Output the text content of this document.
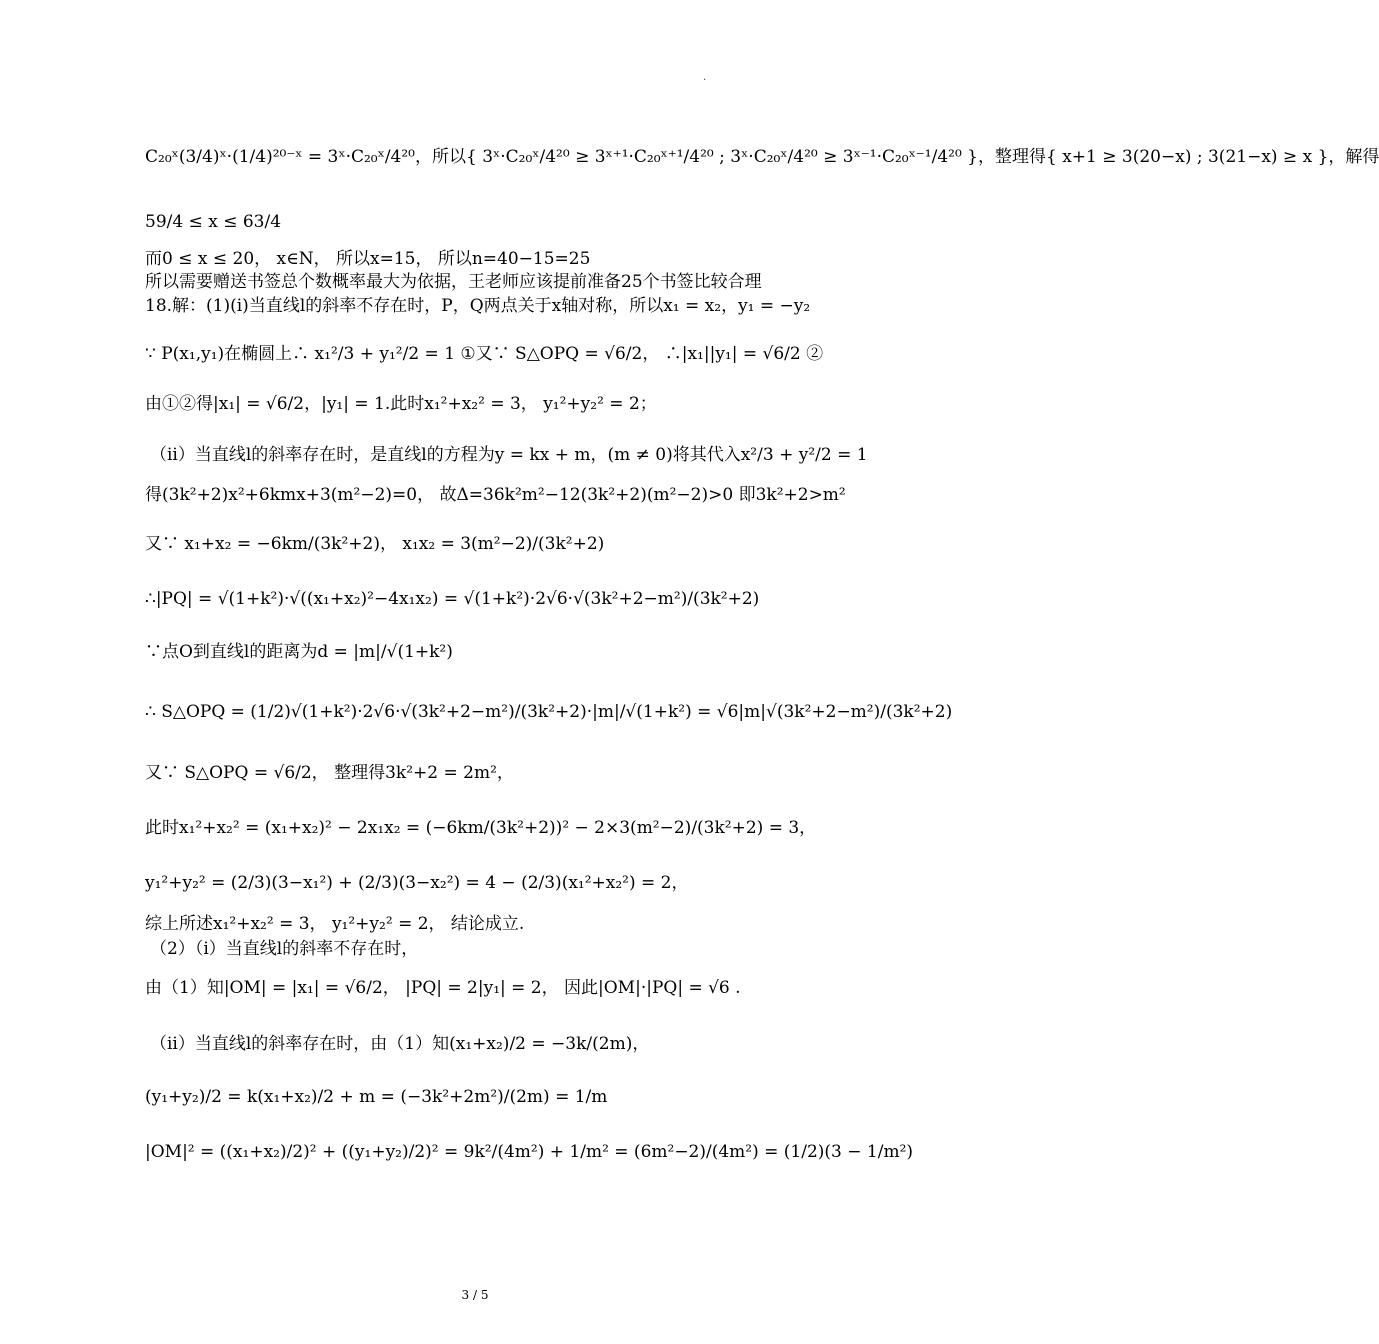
.
C₂₀ˣ(3/4)ˣ·(1/4)²⁰⁻ˣ = 3ˣ·C₂₀ˣ/4²⁰，所以{ 3ˣ·C₂₀ˣ/4²⁰ ≥ 3ˣ⁺¹·C₂₀ˣ⁺¹/4²⁰ ; 3ˣ·C₂₀ˣ/4²⁰ ≥ 3ˣ⁻¹·C₂₀ˣ⁻¹/4²⁰ }，整理得{ x+1 ≥ 3(20−x) ; 3(21−x) ≥ x }，解得
59/4 ≤ x ≤ 63/4
而0 ≤ x ≤ 20， x∈N， 所以x=15， 所以n=40−15=25
所以需要赠送书签总个数概率最大为依据，王老师应该提前准备25个书签比较合理
18.解：(1)(i)当直线l的斜率不存在时，P，Q两点关于x轴对称，所以x₁ = x₂，y₁ = −y₂
∵ P(x₁,y₁)在椭圆上∴ x₁²/3 + y₁²/2 = 1 ①又∵ S△OPQ = √6/2， ∴|x₁||y₁| = √6/2 ②
由①②得|x₁| = √6/2，|y₁| = 1.此时x₁²+x₂² = 3， y₁²+y₂² = 2；
（ii）当直线l的斜率存在时，是直线l的方程为y = kx + m，(m ≠ 0)将其代入x²/3 + y²/2 = 1
得(3k²+2)x²+6kmx+3(m²−2)=0， 故Δ=36k²m²−12(3k²+2)(m²−2)>0 即3k²+2>m²
又∵ x₁+x₂ = −6km/(3k²+2)， x₁x₂ = 3(m²−2)/(3k²+2)
∴|PQ| = √(1+k²)·√((x₁+x₂)²−4x₁x₂) = √(1+k²)·2√6·√(3k²+2−m²)/(3k²+2)
∵点O到直线l的距离为d = |m|/√(1+k²)
∴ S△OPQ = (1/2)√(1+k²)·2√6·√(3k²+2−m²)/(3k²+2)·|m|/√(1+k²) = √6|m|√(3k²+2−m²)/(3k²+2)
又∵ S△OPQ = √6/2， 整理得3k²+2 = 2m²，
此时x₁²+x₂² = (x₁+x₂)² − 2x₁x₂ = (−6km/(3k²+2))² − 2×3(m²−2)/(3k²+2) = 3，
y₁²+y₂² = (2/3)(3−x₁²) + (2/3)(3−x₂²) = 4 − (2/3)(x₁²+x₂²) = 2，
综上所述x₁²+x₂² = 3， y₁²+y₂² = 2， 结论成立.
（2）（i）当直线l的斜率不存在时，
由（1）知|OM| = |x₁| = √6/2， |PQ| = 2|y₁| = 2， 因此|OM|·|PQ| = √6 .
（ii）当直线l的斜率存在时，由（1）知(x₁+x₂)/2 = −3k/(2m)，
(y₁+y₂)/2 = k(x₁+x₂)/2 + m = (−3k²+2m²)/(2m) = 1/m
|OM|² = ((x₁+x₂)/2)² + ((y₁+y₂)/2)² = 9k²/(4m²) + 1/m² = (6m²−2)/(4m²) = (1/2)(3 − 1/m²)
3 / 5
